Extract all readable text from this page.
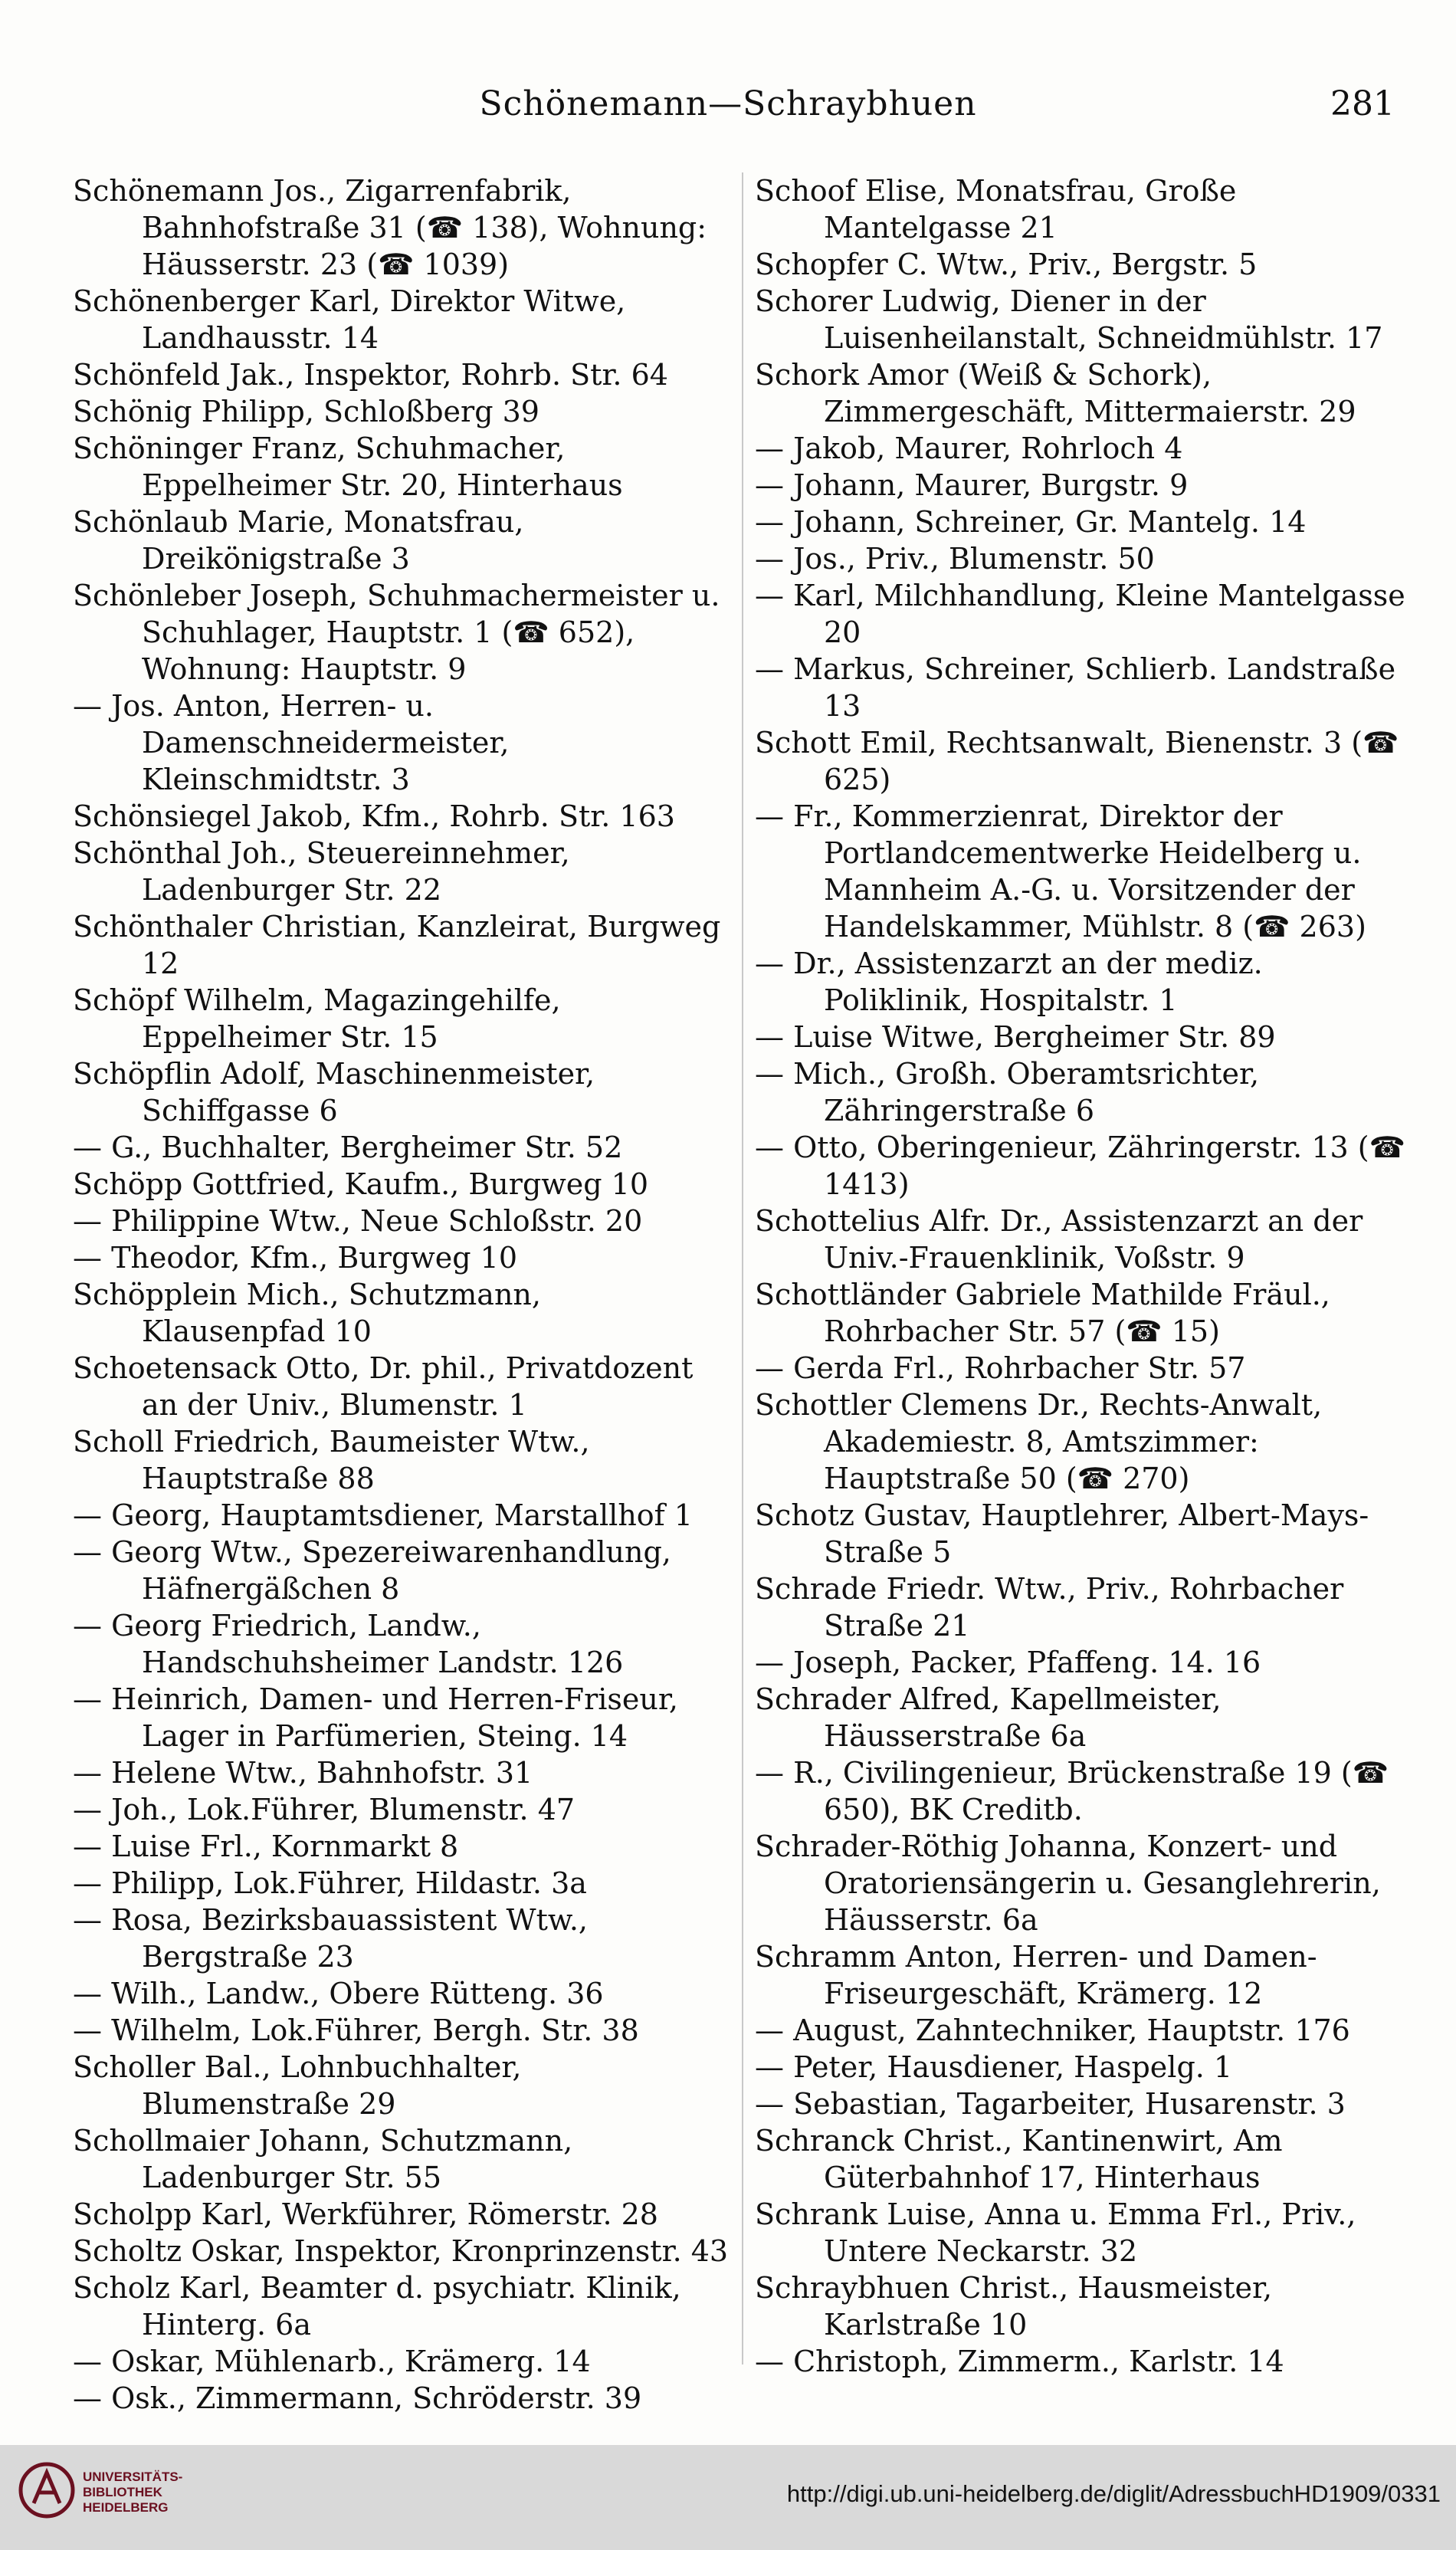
Schönemann—Schraybhuen	281

Schönemann Jos., Zigarrenfabrik, Bahnhofstraße 31 (☎ 138), Wohnung: Häusserstr. 23 (☎ 1039)

Schönenberger Karl, Direktor Witwe, Landhausstr. 14

Schönfeld Jak., Inspektor, Rohrb. Str. 64

Schönig Philipp, Schloßberg 39

Schöninger Franz, Schuhmacher, Eppelheimer Str. 20, Hinterhaus

Schönlaub Marie, Monatsfrau, Dreikönigstraße 3

Schönleber Joseph, Schuhmachermeister u. Schuhlager, Hauptstr. 1 (☎ 652), Wohnung: Hauptstr. 9

— Jos. Anton, Herren- u. Damenschneidermeister, Kleinschmidtstr. 3

Schönsiegel Jakob, Kfm., Rohrb. Str. 163

Schönthal Joh., Steuereinnehmer, Ladenburger Str. 22

Schönthaler Christian, Kanzleirat, Burgweg 12

Schöpf Wilhelm, Magazingehilfe, Eppelheimer Str. 15

Schöpflin Adolf, Maschinenmeister, Schiffgasse 6

— G., Buchhalter, Bergheimer Str. 52

Schöpp Gottfried, Kaufm., Burgweg 10

— Philippine Wtw., Neue Schloßstr. 20

— Theodor, Kfm., Burgweg 10

Schöpplein Mich., Schutzmann, Klausenpfad 10

Schoetensack Otto, Dr. phil., Privatdozent an der Univ., Blumenstr. 1

Scholl Friedrich, Baumeister Wtw., Hauptstraße 88

— Georg, Hauptamtsdiener, Marstallhof 1

— Georg Wtw., Spezereiwarenhandlung, Häfnergäßchen 8

— Georg Friedrich, Landw., Handschuhsheimer Landstr. 126

— Heinrich, Damen- und Herren-Friseur, Lager in Parfümerien, Steing. 14

— Helene Wtw., Bahnhofstr. 31

— Joh., Lok.Führer, Blumenstr. 47

— Luise Frl., Kornmarkt 8

— Philipp, Lok.Führer, Hildastr. 3a

— Rosa, Bezirksbauassistent Wtw., Bergstraße 23

— Wilh., Landw., Obere Rütteng. 36

— Wilhelm, Lok.Führer, Bergh. Str. 38

Scholler Bal., Lohnbuchhalter, Blumenstraße 29

Schollmaier Johann, Schutzmann, Ladenburger Str. 55

Scholpp Karl, Werkführer, Römerstr. 28

Scholtz Oskar, Inspektor, Kronprinzenstr. 43

Scholz Karl, Beamter d. psychiatr. Klinik, Hinterg. 6a

— Oskar, Mühlenarb., Krämerg. 14

— Osk., Zimmermann, Schröderstr. 39

Schoof Elise, Monatsfrau, Große Mantelgasse 21

Schopfer C. Wtw., Priv., Bergstr. 5

Schorer Ludwig, Diener in der Luisenheilanstalt, Schneidmühlstr. 17

Schork Amor (Weiß & Schork), Zimmergeschäft, Mittermaierstr. 29

— Jakob, Maurer, Rohrloch 4

— Johann, Maurer, Burgstr. 9

— Johann, Schreiner, Gr. Mantelg. 14

— Jos., Priv., Blumenstr. 50

— Karl, Milchhandlung, Kleine Mantelgasse 20

— Markus, Schreiner, Schlierb. Landstraße 13

Schott Emil, Rechtsanwalt, Bienenstr. 3 (☎ 625)

— Fr., Kommerzienrat, Direktor der Portlandcementwerke Heidelberg u. Mannheim A.-G. u. Vorsitzender der Handelskammer, Mühlstr. 8 (☎ 263)

— Dr., Assistenzarzt an der mediz. Poliklinik, Hospitalstr. 1

— Luise Witwe, Bergheimer Str. 89

— Mich., Großh. Oberamtsrichter, Zähringerstraße 6

— Otto, Oberingenieur, Zähringerstr. 13 (☎ 1413)

Schottelius Alfr. Dr., Assistenzarzt an der Univ.-Frauenklinik, Voßstr. 9

Schottländer Gabriele Mathilde Fräul., Rohrbacher Str. 57 (☎ 15)

— Gerda Frl., Rohrbacher Str. 57

Schottler Clemens Dr., Rechts-Anwalt, Akademiestr. 8, Amtszimmer: Hauptstraße 50 (☎ 270)

Schotz Gustav, Hauptlehrer, Albert-Mays-Straße 5

Schrade Friedr. Wtw., Priv., Rohrbacher Straße 21

— Joseph, Packer, Pfaffeng. 14. 16

Schrader Alfred, Kapellmeister, Häusserstraße 6a

— R., Civilingenieur, Brückenstraße 19 (☎ 650), BK Creditb.

Schrader-Röthig Johanna, Konzert- und Oratoriensängerin u. Gesanglehrerin, Häusserstr. 6a

Schramm Anton, Herren- und Damen-Friseurgeschäft, Krämerg. 12

— August, Zahntechniker, Hauptstr. 176

— Peter, Hausdiener, Haspelg. 1

— Sebastian, Tagarbeiter, Husarenstr. 3

Schranck Christ., Kantinenwirt, Am Güterbahnhof 17, Hinterhaus

Schrank Luise, Anna u. Emma Frl., Priv., Untere Neckarstr. 32

Schraybhuen Christ., Hausmeister, Karlstraße 10

— Christoph, Zimmerm., Karlstr. 14

UNIVERSITÄTS-
BIBLIOTHEK
HEIDELBERG
http://digi.ub.uni-heidelberg.de/diglit/AdressbuchHD1909/0331
